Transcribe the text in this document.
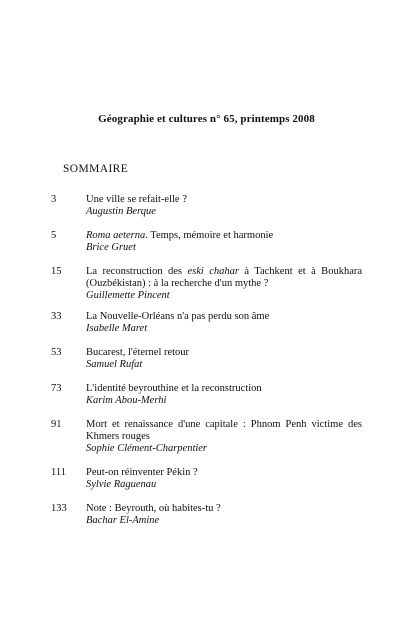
Géographie et cultures n° 65, printemps 2008
SOMMAIRE
3	Une ville se refait-elle ?
Augustin Berque
5	Roma aeterna. Temps, mémoire et harmonie
Brice Gruet
15	La reconstruction des eski chahar à Tachkent et à Boukhara (Ouzbékistan) : à la recherche d'un mythe ?
Guillemette Pincent
33	La Nouvelle-Orléans n'a pas perdu son âme
Isabelle Maret
53	Bucarest, l'éternel retour
Samuel Rufat
73	L'identité beyrouthine et la reconstruction
Karim Abou-Merhi
91	Mort et renaissance d'une capitale : Phnom Penh victime des Khmers rouges
Sophie Clément-Charpentier
111	Peut-on réinventer Pékin ?
Sylvie Raguenau
133	Note : Beyrouth, où habites-tu ?
Bachar El-Amine
